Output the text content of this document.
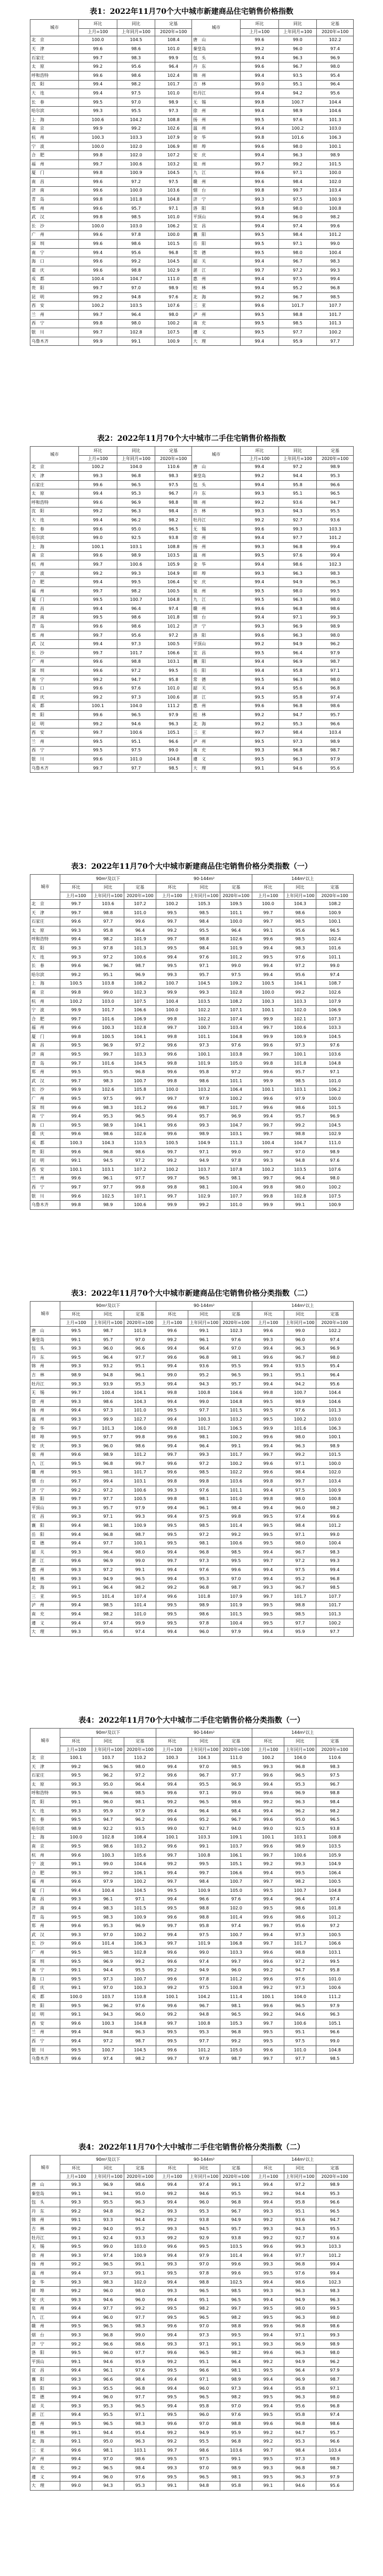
表1：2022年11月70个大中城市新建商品住宅销售价格指数
城市	环比	同比	定基	城市	环比	同比	定基
	上月=100	上年同月=100	2020年=100		上月=100	上年同月=100	2020年=100
北　京	100.0	104.5	108.4	唐　山	99.6	99.0	102.2
天　津	99.6	98.6	101.0	秦皇岛	99.2	96.0	97.4
石家庄	99.7	98.3	99.9	包　头	99.4	96.3	96.9
太　原	99.2	95.6	96.4	丹　东	99.6	96.7	98.0
呼和浩特	99.6	98.6	102.4	锦　州	99.4	93.5	95.4
沈　阳	99.4	98.2	101.7	吉　林	99.0	95.1	96.4
大　连	99.4	97.5	101.0	牡丹江	99.4	94.2	95.6
长　春	99.5	97.0	98.9	无　锡	99.8	100.7	104.4
哈尔滨	99.3	95.5	97.3	徐　州	99.4	98.9	104.6
上　海	100.6	104.2	108.8	扬　州	99.5	97.6	101.3
南　京	99.9	99.2	102.6	温　州	99.4	100.2	103.0
杭　州	100.3	103.3	107.9	金　华	99.8	101.6	106.3
宁　波	100.0	102.0	106.9	蚌　埠	99.6	98.0	100.1
合　肥	99.8	102.0	107.2	安　庆	99.4	96.3	98.9
福　州	99.7	100.6	103.2	泉　州	99.7	99.2	101.5
厦　门	99.8	100.9	104.5	九　江	99.6	97.1	100.0
南　昌	99.6	97.2	97.5	赣　州	99.6	98.4	102.0
济　南	99.6	100.0	103.6	烟　台	99.8	99.7	103.4
青　岛	99.8	101.8	104.8	济　宁	99.3	97.5	100.9
郑　州	99.6	95.7	97.1	洛　阳	99.8	98.0	100.8
武　汉	99.8	98.5	101.0	平顶山	99.4	96.0	98.2
长　沙	100.0	103.0	106.2	宜　昌	99.4	97.4	99.6
广　州	99.6	97.8	100.0	襄　阳	99.5	98.4	101.2
深　圳	99.6	98.6	101.5	岳　阳	99.5	97.1	99.0
南　宁	99.4	95.6	96.8	常　德	99.5	98.0	100.4
海　口	99.6	99.2	104.5	韶　关	99.4	96.7	98.3
重　庆	99.6	98.8	102.9	湛　江	99.7	97.2	99.3
成　都	100.4	104.7	111.0	惠　州	99.4	97.5	99.4
贵　阳	99.7	97.0	98.9	桂　林	99.4	95.2	96.8
昆　明	99.2	94.8	97.6	北　海	99.2	96.7	98.5
西　安	100.2	103.5	107.6	三　亚	99.6	101.7	107.7
兰　州	99.7	96.4	98.0	泸　州	99.5	98.8	101.7
西　宁	99.8	98.0	100.2	南　充	99.5	98.5	101.3
银　川	99.7	102.8	107.5	遵　义	99.5	97.7	100.2
乌鲁木齐	99.9	99.1	100.9	大　理	99.4	95.9	97.7
表2：2022年11月70个大中城市二手住宅销售价格指数
城市	环比	同比	定基	城市	环比	同比	定基
	上月=100	上年同月=100	2020年=100		上月=100	上年同月=100	2020年=100
北　京	100.2	104.0	110.6	唐　山	99.4	97.2	98.9
天　津	99.3	96.8	98.3	秦皇岛	99.2	94.4	95.3
石家庄	99.6	96.5	97.5	包　头	99.4	95.8	96.6
太　原	99.4	95.3	96.7	丹　东	99.3	95.1	96.5
呼和浩特	99.6	96.9	98.8	锦　州	99.2	93.6	94.7
沈　阳	99.2	96.3	98.4	吉　林	99.3	94.3	95.5
大　连	99.4	96.2	98.2	牡丹江	99.2	92.7	93.6
长　春	99.6	95.0	96.5	无　锡	99.6	99.3	103.3
哈尔滨	99.0	92.5	93.8	徐　州	99.4	97.7	101.2
上　海	100.1	103.1	108.8	扬　州	99.3	96.8	99.4
南　京	99.6	98.9	103.5	温　州	99.5	97.6	99.4
杭　州	99.7	100.6	105.9	金　华	99.4	98.6	102.3
宁　波	99.2	99.3	104.9	蚌　埠	99.3	96.3	98.3
合　肥	99.4	99.5	106.4	安　庆	99.4	94.9	96.3
福　州	99.7	98.2	100.5	泉　州	99.5	98.0	99.5
厦　门	99.5	100.7	104.8	九　江	99.5	96.3	98.0
南　昌	99.4	96.4	97.4	赣　州	99.6	96.8	98.6
济　南	99.5	98.6	101.8	烟　台	99.4	97.1	99.3
青　岛	99.6	98.6	101.2	济　宁	99.3	96.9	98.9
郑　州	99.7	95.6	97.2	洛　阳	99.6	96.3	98.0
武　汉	99.4	97.3	100.5	平顶山	99.2	94.9	96.2
长　沙	99.7	101.7	106.6	宜　昌	99.5	96.4	97.9
广　州	99.6	98.8	103.1	襄　阳	99.4	96.9	98.7
深　圳	99.6	97.2	99.5	岳　阳	99.4	95.8	97.1
南　宁	99.2	94.7	95.8	常　德	99.5	96.3	98.0
海　口	99.6	97.6	101.0	韶　关	99.4	95.6	96.8
重　庆	99.2	97.3	100.6	湛　江	99.5	95.8	97.4
成　都	100.1	104.0	111.2	惠　州	99.6	96.8	98.6
贵　阳	99.6	96.5	97.9	桂　林	99.2	94.7	95.7
昆　明	99.2	94.6	96.3	北　海	99.2	95.3	96.6
西　安	99.7	100.6	105.1	三　亚	99.7	98.4	103.4
兰　州	99.5	95.1	96.6	泸　州	99.5	97.3	98.9
西　宁	99.5	97.5	99.0	南　充	99.3	96.8	98.7
银　川	99.6	101.0	104.8	遵　义	99.5	96.3	97.9
乌鲁木齐	99.7	97.7	98.5	大　理	99.1	94.6	95.6
表3：2022年11月70个大中城市新建商品住宅销售价格分类指数（一）
城市	90m²及以下			90-144m²			144m²以上		
	环比	同比	定基	环比	同比	定基	环比	同比	定基
	上月=100	上年同月=100	2020年=100	上月=100	上年同月=100	2020年=100	上月=100	上年同月=100	2020年=100
北　京	99.7	103.6	107.2	100.2	105.3	109.5	100.0	104.3	108.2
天　津	99.7	98.8	101.0	99.5	98.5	101.1	99.7	98.6	100.9
石家庄	99.6	97.7	99.6	99.7	98.4	100.0	99.7	98.5	100.1
太　原	99.3	95.8	96.4	99.2	95.5	96.4	99.1	95.6	96.5
呼和浩特	99.4	98.2	101.9	99.7	98.8	102.6	99.6	98.5	102.4
沈　阳	99.3	97.8	101.3	99.5	98.4	101.9	99.4	98.3	101.6
大　连	99.3	97.2	100.6	99.4	97.6	101.2	99.5	97.6	101.1
长　春	99.6	96.7	98.7	99.5	97.1	99.0	99.4	97.2	99.0
哈尔滨	99.2	95.1	96.9	99.3	95.7	97.5	99.4	95.6	97.4
上　海	100.5	103.8	108.2	100.7	104.5	109.2	100.5	104.1	108.7
南　京	99.8	99.0	102.3	99.9	99.3	102.8	100.0	99.2	102.6
杭　州	100.2	103.0	107.5	100.4	103.5	108.2	100.3	103.3	107.9
宁　波	99.9	101.7	106.6	100.0	102.2	107.1	100.1	102.0	106.9
合　肥	99.7	101.6	106.9	99.8	102.2	107.4	99.9	102.1	107.3
福　州	99.6	100.3	102.8	99.7	100.7	103.4	99.7	100.6	103.3
厦　门	99.8	100.5	104.1	99.8	101.1	104.8	99.9	100.9	104.5
南　昌	99.5	96.9	97.2	99.6	97.3	97.6	99.6	97.3	97.6
济　南	99.5	99.7	103.3	99.6	100.1	103.8	99.7	100.1	103.6
青　岛	99.7	101.6	104.5	99.8	101.9	105.0	99.8	101.8	104.8
郑　州	99.5	95.5	96.8	99.6	95.8	97.2	99.6	95.7	97.1
武　汉	99.7	98.3	100.7	99.8	98.6	101.1	99.9	98.5	101.0
长　沙	99.9	102.6	105.8	100.0	103.2	106.4	100.1	103.1	106.2
广　州	99.5	97.5	99.7	99.7	97.9	100.2	99.6	97.9	100.0
深　圳	99.6	98.3	101.2	99.6	98.7	101.7	99.6	98.6	101.5
南　宁	99.4	95.3	96.5	99.4	95.7	96.9	99.4	95.7	96.9
海　口	99.5	98.9	104.1	99.6	99.3	104.7	99.7	99.2	104.5
重　庆	99.6	98.6	102.6	99.6	98.9	103.1	99.7	98.8	102.9
成　都	100.3	104.3	110.5	100.5	104.9	111.3	100.4	104.7	111.0
贵　阳	99.6	96.8	98.6	99.7	97.1	99.0	99.7	97.0	98.9
昆　明	99.1	94.5	97.2	99.2	94.9	97.8	99.3	94.8	97.6
西　安	100.1	103.1	107.2	100.2	103.7	107.8	100.2	103.5	107.6
兰　州	99.6	96.1	97.7	99.7	96.5	98.1	99.7	96.4	98.0
西　宁	99.7	97.7	99.8	99.8	98.1	100.4	99.8	98.0	100.2
银　川	99.6	102.5	107.1	99.7	102.9	107.7	99.8	102.8	107.5
乌鲁木齐	99.8	98.9	100.6	99.9	99.2	101.0	99.9	99.1	100.9
表3：2022年11月70个大中城市新建商品住宅销售价格分类指数（二）
城市	90m²及以下			90-144m²			144m²以上		
	环比	同比	定基	环比	同比	定基	环比	同比	定基
	上月=100	上年同月=100	2020年=100	上月=100	上年同月=100	2020年=100	上月=100	上年同月=100	2020年=100
唐　山	99.5	98.7	101.9	99.6	99.1	102.3	99.6	99.0	102.2
秦皇岛	99.1	95.7	97.0	99.2	96.1	97.6	99.3	96.0	97.4
包　头	99.3	96.0	96.6	99.4	96.4	97.0	99.4	96.3	96.9
丹　东	99.5	96.4	97.7	99.6	96.8	98.1	99.6	96.7	98.0
锦　州	99.3	93.2	95.1	99.4	93.6	95.5	99.4	93.5	95.4
吉　林	98.9	94.8	96.1	99.0	95.2	96.5	99.1	95.1	96.4
牡丹江	99.3	93.9	95.3	99.4	94.3	95.7	99.4	94.2	95.6
无　锡	99.7	100.4	104.1	99.8	100.8	104.6	99.8	100.7	104.4
徐　州	99.3	98.6	104.3	99.4	99.0	104.8	99.5	98.9	104.6
扬　州	99.4	97.3	101.0	99.5	97.7	101.5	99.5	97.6	101.3
温　州	99.3	99.9	102.7	99.4	100.3	103.2	99.5	100.2	103.0
金　华	99.7	101.3	106.0	99.8	101.7	106.5	99.9	101.6	106.3
蚌　埠	99.5	97.7	99.8	99.6	98.1	100.2	99.6	98.0	100.1
安　庆	99.3	96.0	98.6	99.4	96.4	99.1	99.4	96.3	98.9
泉　州	99.6	98.9	101.2	99.7	99.3	101.7	99.7	99.2	101.5
九　江	99.5	96.8	99.7	99.6	97.2	100.2	99.6	97.1	100.0
赣　州	99.5	98.1	101.7	99.6	98.5	102.2	99.6	98.4	102.0
烟　台	99.7	99.4	103.1	99.8	99.8	103.6	99.8	99.7	103.4
济　宁	99.2	97.2	100.6	99.3	97.6	101.1	99.4	97.5	100.9
洛　阳	99.7	97.7	100.5	99.8	98.1	101.0	99.8	98.0	100.8
平顶山	99.3	95.7	97.9	99.4	96.1	98.4	99.4	96.0	98.2
宜　昌	99.3	97.1	99.3	99.4	97.5	99.8	99.5	97.4	99.6
襄　阳	99.4	98.1	100.9	99.5	98.5	101.4	99.5	98.4	101.2
岳　阳	99.4	96.8	98.7	99.5	97.2	99.2	99.5	97.1	99.0
常　德	99.4	97.7	100.1	99.5	98.1	100.6	99.5	98.0	100.4
韶　关	99.3	96.4	98.0	99.4	96.8	98.5	99.4	96.7	98.3
湛　江	99.6	96.9	99.0	99.7	97.3	99.5	99.7	97.2	99.3
惠　州	99.3	97.2	99.1	99.4	97.6	99.6	99.4	97.5	99.4
桂　林	99.3	94.9	96.5	99.4	95.3	97.0	99.4	95.2	96.8
北　海	99.1	96.4	98.2	99.2	96.8	98.7	99.3	96.7	98.5
三　亚	99.5	101.4	107.4	99.6	101.8	107.9	99.7	101.7	107.7
泸　州	99.4	98.5	101.4	99.5	98.9	101.9	99.5	98.8	101.7
南　充	99.4	98.2	101.0	99.5	98.6	101.5	99.5	98.5	101.3
遵　义	99.4	97.4	99.9	99.5	97.8	100.4	99.5	97.7	100.2
大　理	99.3	95.6	97.4	99.4	96.0	97.9	99.4	95.9	97.7
表4：2022年11月70个大中城市二手住宅销售价格分类指数（一）
城市	90m²及以下			90-144m²			144m²以上		
	环比	同比	定基	环比	同比	定基	环比	同比	定基
	上月=100	上年同月=100	2020年=100	上月=100	上年同月=100	2020年=100	上月=100	上年同月=100	2020年=100
北　京	100.1	103.7	110.2	100.3	104.3	111.0	100.2	104.0	110.6
天　津	99.2	96.5	98.0	99.4	97.0	98.5	99.3	96.8	98.3
石家庄	99.5	96.2	97.2	99.6	96.7	97.7	99.6	96.5	97.5
太　原	99.3	95.0	96.4	99.4	95.5	96.9	99.4	95.3	96.7
呼和浩特	99.5	96.6	98.5	99.6	97.1	99.0	99.6	96.9	98.8
沈　阳	99.1	96.0	98.1	99.2	96.5	98.6	99.2	96.3	98.4
大　连	99.3	95.9	97.9	99.4	96.4	98.4	99.4	96.2	98.2
长　春	99.5	94.7	96.2	99.6	95.2	96.7	99.6	95.0	96.5
哈尔滨	98.9	92.2	93.5	99.0	92.7	94.0	99.0	92.5	93.8
上　海	100.0	102.8	108.4	100.1	103.3	109.1	100.1	103.1	108.8
南　京	99.5	98.6	103.2	99.6	99.1	103.7	99.6	98.9	103.5
杭　州	99.6	100.3	105.6	99.7	100.8	106.1	99.7	100.6	105.9
宁　波	99.1	99.0	104.6	99.2	99.5	105.1	99.2	99.3	104.9
合　肥	99.3	99.2	106.1	99.4	99.7	106.6	99.4	99.5	106.4
福　州	99.6	97.9	100.2	99.7	98.4	100.7	99.7	98.2	100.5
厦　门	99.4	100.4	104.5	99.5	100.9	105.0	99.5	100.7	104.8
南　昌	99.3	96.1	97.1	99.4	96.6	97.6	99.4	96.4	97.4
济　南	99.4	98.3	101.5	99.5	98.8	102.0	99.5	98.6	101.8
青　岛	99.5	98.3	100.9	99.6	98.8	101.4	99.6	98.6	101.2
郑　州	99.6	95.3	96.9	99.7	95.8	97.4	99.7	95.6	97.2
武　汉	99.3	97.0	100.2	99.4	97.5	100.7	99.4	97.3	100.5
长　沙	99.6	101.4	106.3	99.7	101.9	106.8	99.7	101.7	106.6
广　州	99.5	98.5	102.8	99.6	99.0	103.3	99.6	98.8	103.1
深　圳	99.5	96.9	99.2	99.6	97.4	99.7	99.6	97.2	99.5
南　宁	99.1	94.4	95.5	99.2	94.9	96.0	99.2	94.7	95.8
海　口	99.5	97.3	100.7	99.6	97.8	101.2	99.6	97.6	101.0
重　庆	99.1	97.0	100.3	99.2	97.5	100.8	99.2	97.3	100.6
成　都	100.0	103.7	110.8	100.1	104.2	111.4	100.1	104.0	111.2
贵　阳	99.5	96.2	97.6	99.6	96.7	98.1	99.6	96.5	97.9
昆　明	99.1	94.3	96.0	99.2	94.8	96.5	99.2	94.6	96.3
西　安	99.6	100.3	104.8	99.7	100.8	105.3	99.7	100.6	105.1
兰　州	99.4	94.8	96.3	99.5	95.3	96.8	99.5	95.1	96.6
西　宁	99.4	97.2	98.7	99.5	97.7	99.2	99.5	97.5	99.0
银　川	99.5	100.7	104.5	99.6	101.2	105.0	99.6	101.0	104.8
乌鲁木齐	99.6	97.4	98.2	99.7	97.9	98.7	99.7	97.7	98.5
表4：2022年11月70个大中城市二手住宅销售价格分类指数（二）
城市	90m²及以下			90-144m²			144m²以上		
	环比	同比	定基	环比	同比	定基	环比	同比	定基
	上月=100	上年同月=100	2020年=100	上月=100	上年同月=100	2020年=100	上月=100	上年同月=100	2020年=100
唐　山	99.3	96.9	98.6	99.4	97.4	99.1	99.4	97.2	98.9
秦皇岛	99.1	94.1	95.0	99.2	94.6	95.5	99.2	94.4	95.3
包　头	99.3	95.5	96.3	99.4	96.0	96.8	99.4	95.8	96.6
丹　东	99.2	94.8	96.2	99.3	95.3	96.7	99.3	95.1	96.5
锦　州	99.1	93.3	94.4	99.2	93.8	94.9	99.2	93.6	94.7
吉　林	99.2	94.0	95.2	99.3	94.5	95.7	99.3	94.3	95.5
牡丹江	99.1	92.4	93.3	99.2	92.9	93.8	99.2	92.7	93.6
无　锡	99.5	99.0	103.0	99.6	99.5	103.5	99.6	99.3	103.3
徐　州	99.3	97.4	100.9	99.4	97.9	101.4	99.4	97.7	101.2
扬　州	99.2	96.5	99.1	99.3	97.0	99.6	99.3	96.8	99.4
温　州	99.4	97.3	99.1	99.5	97.8	99.6	99.5	97.6	99.4
金　华	99.3	98.3	102.0	99.4	98.8	102.5	99.4	98.6	102.3
蚌　埠	99.2	96.0	98.0	99.3	96.5	98.5	99.3	96.3	98.3
安　庆	99.3	94.6	96.0	99.4	95.1	96.5	99.4	94.9	96.3
泉　州	99.4	97.7	99.2	99.5	98.2	99.7	99.5	98.0	99.5
九　江	99.4	96.0	97.7	99.5	96.5	98.2	99.5	96.3	98.0
赣　州	99.5	96.5	98.3	99.6	97.0	98.8	99.6	96.8	98.6
烟　台	99.3	96.8	99.0	99.4	97.3	99.5	99.4	97.1	99.3
济　宁	99.2	96.6	98.6	99.3	97.1	99.1	99.3	96.9	98.9
洛　阳	99.5	96.0	97.7	99.6	96.5	98.2	99.6	96.3	98.0
平顶山	99.1	94.6	95.9	99.2	95.1	96.4	99.2	94.9	96.2
宜　昌	99.4	96.1	97.6	99.5	96.6	98.1	99.5	96.4	97.9
襄　阳	99.3	96.6	98.4	99.4	97.1	98.9	99.4	96.9	98.7
岳　阳	99.3	95.5	96.8	99.4	96.0	97.3	99.4	95.8	97.1
常　德	99.4	96.0	97.7	99.5	96.5	98.2	99.5	96.3	98.0
韶　关	99.3	95.3	96.5	99.4	95.8	97.0	99.4	95.6	96.8
湛　江	99.4	95.5	97.1	99.5	96.0	97.6	99.5	95.8	97.4
惠　州	99.5	96.5	98.3	99.6	97.0	98.8	99.6	96.8	98.6
桂　林	99.1	94.4	95.4	99.2	94.9	95.9	99.2	94.7	95.7
北　海	99.1	95.0	96.3	99.2	95.5	96.8	99.2	95.3	96.6
三　亚	99.6	98.1	103.1	99.7	98.6	103.6	99.7	98.4	103.4
泸　州	99.4	97.0	98.6	99.5	97.5	99.1	99.5	97.3	98.9
南　充	99.2	96.5	98.4	99.3	97.0	98.9	99.3	96.8	98.7
遵　义	99.4	96.0	97.6	99.5	96.5	98.1	99.5	96.3	97.9
大　理	99.0	94.3	95.3	99.1	94.8	95.8	99.1	94.6	95.6
